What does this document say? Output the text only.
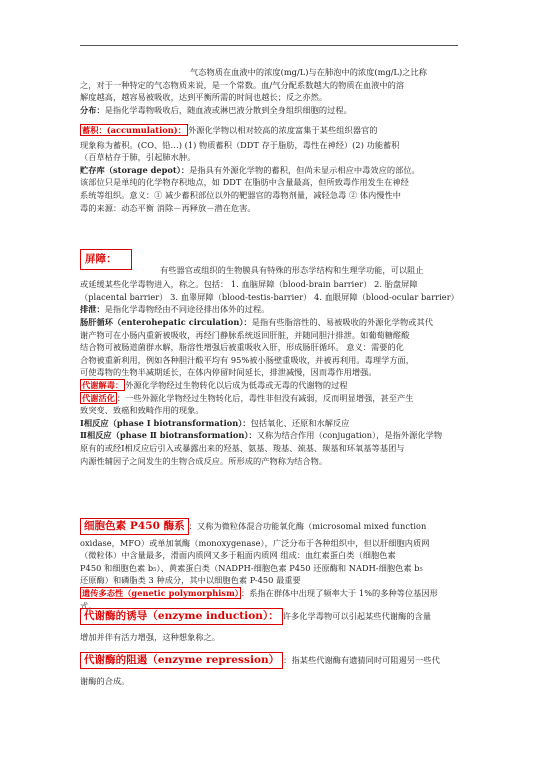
气态物质在血液中的浓度(mg/L)与在肺泡中的浓度(mg/L)之比称

之，对于一种特定的气态物质来说，是一个常数。血/气分配系数越大的物质在血液中的溶

解度越高，越容易被吸收，达到平衡所需的时间也越长；反之亦然。

分布：是指化学毒物吸收后，随血液或淋巴液分散到全身组织细胞的过程。

蓄积：(accumulation)： 外源化学物以相对较高的浓度富集于某些组织器官的

现象称为蓄积。(CO、铅…) (1) 物质蓄积（DDT 存于脂肪，毒性在神经）(2) 功能蓄积

（百草枯存于肺，引起肺水肿。

贮存库（storage depot）：是指具有外源化学物的蓄积，但尚未显示相应中毒效应的部位。

该部位只是单纯的化学物存积地点，如 DDT 在脂肪中含量最高，但所致毒作用发生在神经

系统等组织。意义：① 减少蓄积部位以外的靶器官的毒物剂量，减轻急毒 ② 体内慢性中

毒的来源：动态平衡 消除－再释放－潜在危害。

屏障：

有些器官或组织的生物膜具有特殊的形态学结构和生理学功能，可以阻止

或延缓某些化学毒物进入，称之。包括： 1. 血脑屏障（blood-brain barrier） 2. 胎盘屏障

（placental barrier） 3. 血睾屏障（blood-testis-barrier） 4. 血眼屏障（blood-ocular barrier）

排泄：是指化学毒物经由不同途径排出体外的过程。

肠肝循环（enterohepatic circulation）：是指有些脂溶性的、易被吸收的外源化学物或其代

谢产物可在小肠内重新被吸收，再经门静脉系统返回肝脏，并随同胆汁排泄。如葡萄糖醛酸

结合物可被肠道菌群水解，脂溶性增强后被重吸收入肝，形成肠肝循环。 意义：需要的化

合物被重新利用，例如各种胆汁酸平均有 95%被小肠壁重吸收，并被再利用。毒理学方面，

可使毒物的生物半减期延长，在体内停留时间延长，排泄减慢，因而毒作用增强。

代谢解毒： 外源化学物经过生物转化以后成为低毒或无毒的代谢物的过程

代谢活化 ：一些外源化学物经过生物转化后，毒性非但没有减弱，反而明显增强，甚至产生

致突变、致癌和致畸作用的现象。

Ⅰ相反应（phase Ⅰ biotransformation）：包括氧化、还原和水解反应

Ⅱ相反应（phase Ⅱ biotransformation）：又称为结合作用（conjugation），是指外源化学物

原有的或经Ⅰ相反应后引入或暴露出来的羟基、氨基、羧基、巯基、羰基和环氧基等基团与

内源性辅因子之间发生的生物合成反应。所形成的产物称为结合物。

细胞色素 P450 酶系 ：又称为微粒体混合功能氧化酶（microsomal mixed function

oxidase，MFO）或单加氧酶（monoxygenase），广泛分布于各种组织中，但以肝细胞内质网

（微粒体）中含量最多，滑面内质网又多于粗面内质网 组成：血红素蛋白类（细胞色素

P450 和细胞色素 b₅）、黄素蛋白类（NADPH-细胞色素 P450 还原酶和 NADH-细胞色素 b₅

还原酶）和磷脂类 3 种成分，其中以细胞色素 P-450 最重要

遗传多态性（genetic polymorphism） ：系指在群体中出现了频率大于 1%的多种等位基因形

式。

代谢酶的诱导（enzyme induction）： 许多化学毒物可以引起某些代谢酶的含量

增加并伴有活力增强，这种想象称之。

代谢酶的阻遏（enzyme repression） ：指某些代谢酶有遗猜同时可阻遏另一些代

谢酶的合成。
